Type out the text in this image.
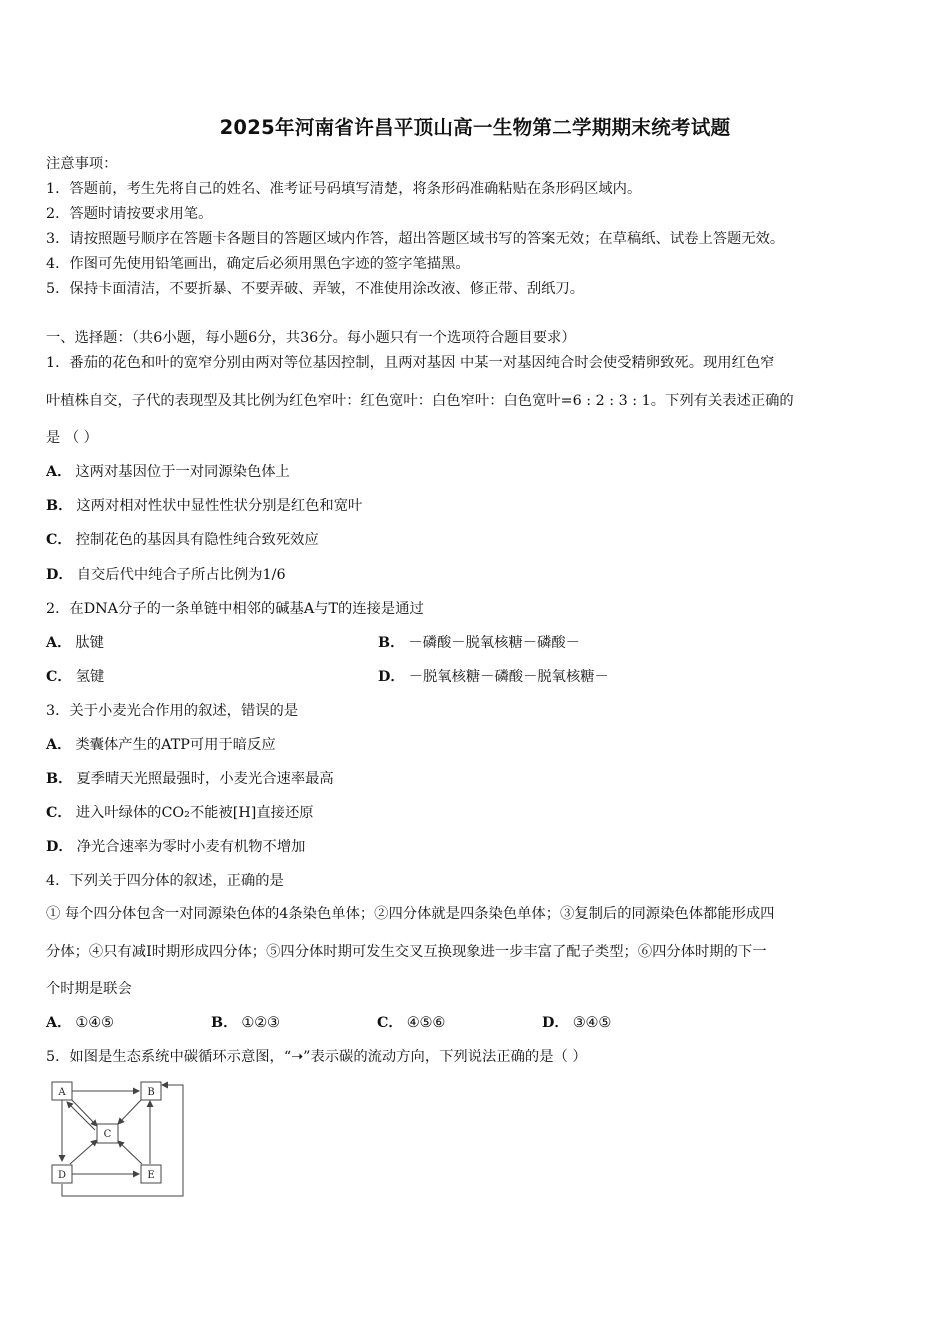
2025年河南省许昌平顶山高一生物第二学期期末统考试题
注意事项：
1．答题前，考生先将自己的姓名、准考证号码填写清楚，将条形码准确粘贴在条形码区域内。
2．答题时请按要求用笔。
3．请按照题号顺序在答题卡各题目的答题区域内作答，超出答题区域书写的答案无效；在草稿纸、试卷上答题无效。
4．作图可先使用铅笔画出，确定后必须用黑色字迹的签字笔描黑。
5．保持卡面清洁，不要折暴、不要弄破、弄皱，不准使用涂改液、修正带、刮纸刀。
一、选择题：（共6小题，每小题6分，共36分。每小题只有一个选项符合题目要求）
1．番茄的花色和叶的宽窄分别由两对等位基因控制，且两对基因 中某一对基因纯合时会使受精卵致死。现用红色窄
叶植株自交，子代的表现型及其比例为红色窄叶：红色宽叶：白色窄叶：白色宽叶=6 : 2 : 3 : 1。下列有关表述正确的
是 （ ）
A． 这两对基因位于一对同源染色体上
B． 这两对相对性状中显性性状分别是红色和宽叶
C． 控制花色的基因具有隐性纯合致死效应
D． 自交后代中纯合子所占比例为1/6
2．在DNA分子的一条单链中相邻的碱基A与T的连接是通过
A． 肽键	B． －磷酸－脱氧核糖－磷酸－
C． 氢键	D． －脱氧核糖－磷酸－脱氧核糖－
3．关于小麦光合作用的叙述，错误的是
A． 类囊体产生的ATP可用于暗反应
B． 夏季晴天光照最强时，小麦光合速率最高
C． 进入叶绿体的CO₂不能被[H]直接还原
D． 净光合速率为零时小麦有机物不增加
4．下列关于四分体的叙述，正确的是
① 每个四分体包含一对同源染色体的4条染色单体；②四分体就是四条染色单体；③复制后的同源染色体都能形成四
分体；④只有减Ⅰ时期形成四分体；⑤四分体时期可发生交叉互换现象进一步丰富了配子类型；⑥四分体时期的下一
个时期是联会
A． ①④⑤	B． ①②③	C． ④⑤⑥	D． ③④⑤
5．如图是生态系统中碳循环示意图，“➝”表示碳的流动方向，下列说法正确的是（ ）
A	B
C
D	E
